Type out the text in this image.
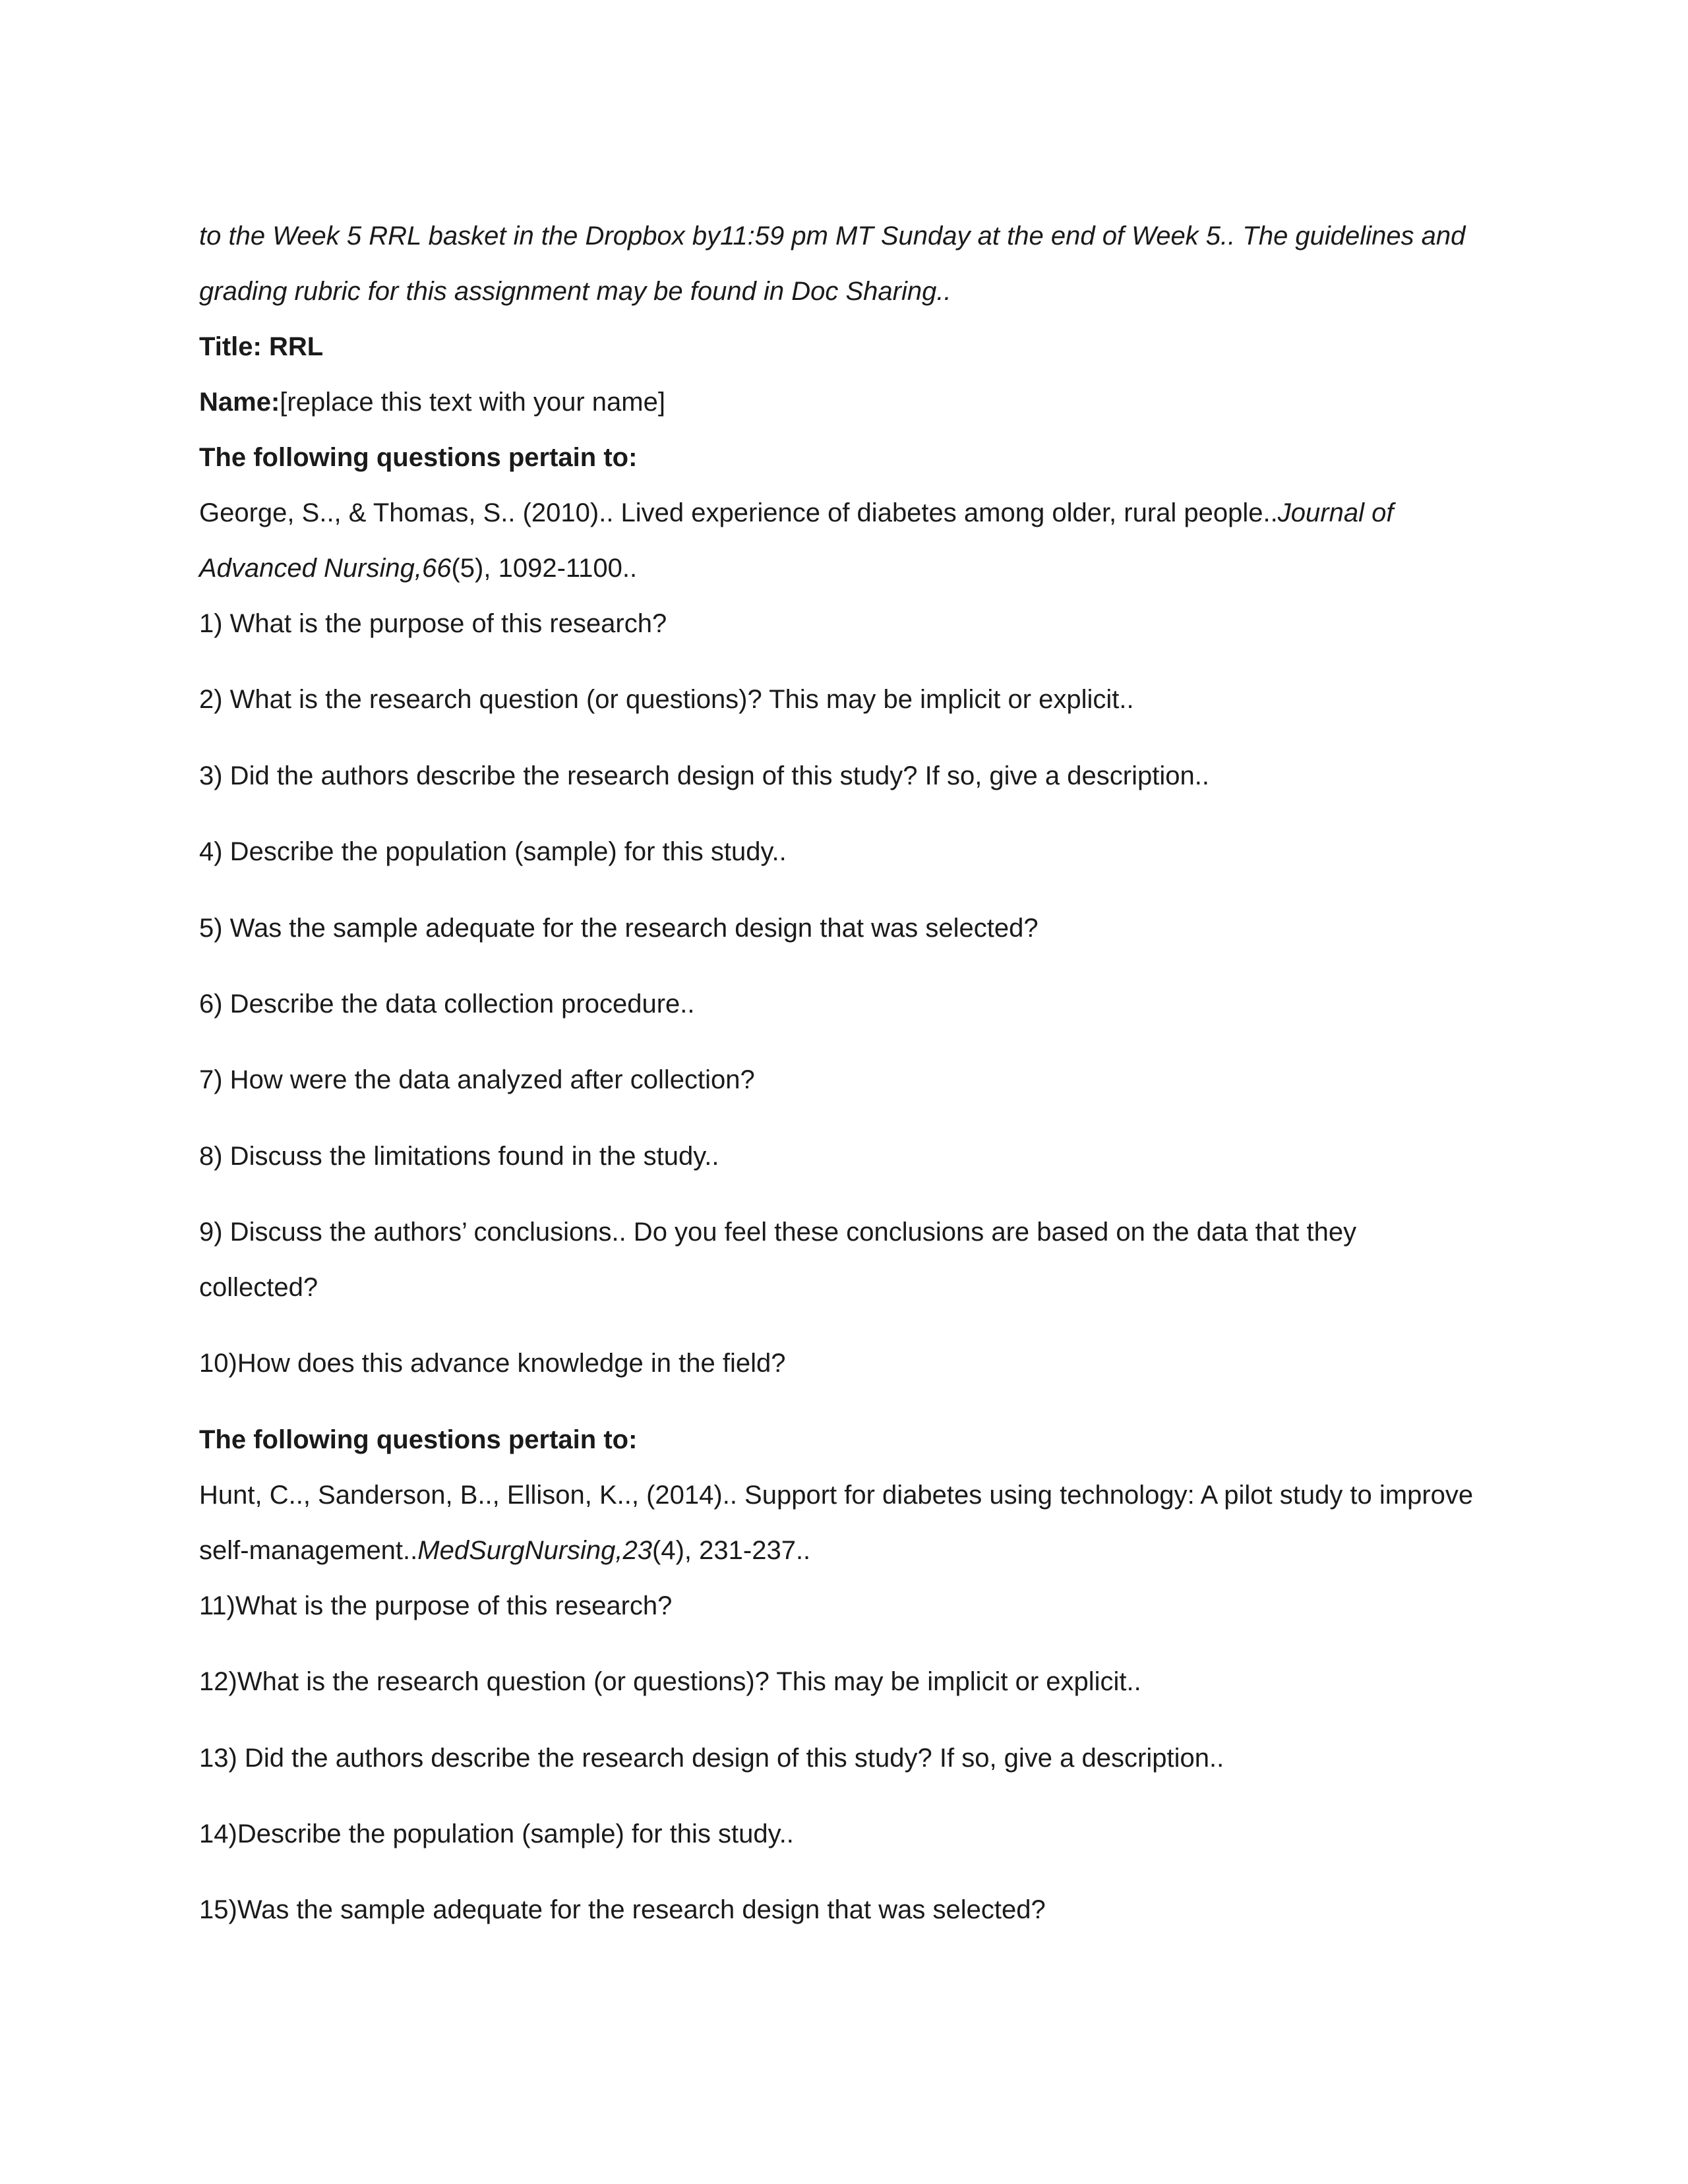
to the Week 5 RRL basket in the Dropbox by11:59 pm MT Sunday at the end of Week 5.. The guidelines and
grading rubric for this assignment may be found in Doc Sharing..
Title: RRL
Name:[replace this text with your name]
The following questions pertain to:
George, S.., & Thomas, S.. (2010).. Lived experience of diabetes among older, rural people..Journal of
Advanced Nursing,66(5), 1092-1100..
1) What is the purpose of this research?
2) What is the research question (or questions)? This may be implicit or explicit..
3) Did the authors describe the research design of this study? If so, give a description..
4) Describe the population (sample) for this study..
5) Was the sample adequate for the research design that was selected?
6) Describe the data collection procedure..
7) How were the data analyzed after collection?
8) Discuss the limitations found in the study..
9) Discuss the authors’ conclusions.. Do you feel these conclusions are based on the data that they
collected?
10)How does this advance knowledge in the field?
The following questions pertain to:
Hunt, C.., Sanderson, B.., Ellison, K.., (2014).. Support for diabetes using technology: A pilot study to improve
self-management..MedSurgNursing,23(4), 231-237..
11)What is the purpose of this research?
12)What is the research question (or questions)? This may be implicit or explicit..
13) Did the authors describe the research design of this study? If so, give a description..
14)Describe the population (sample) for this study..
15)Was the sample adequate for the research design that was selected?
